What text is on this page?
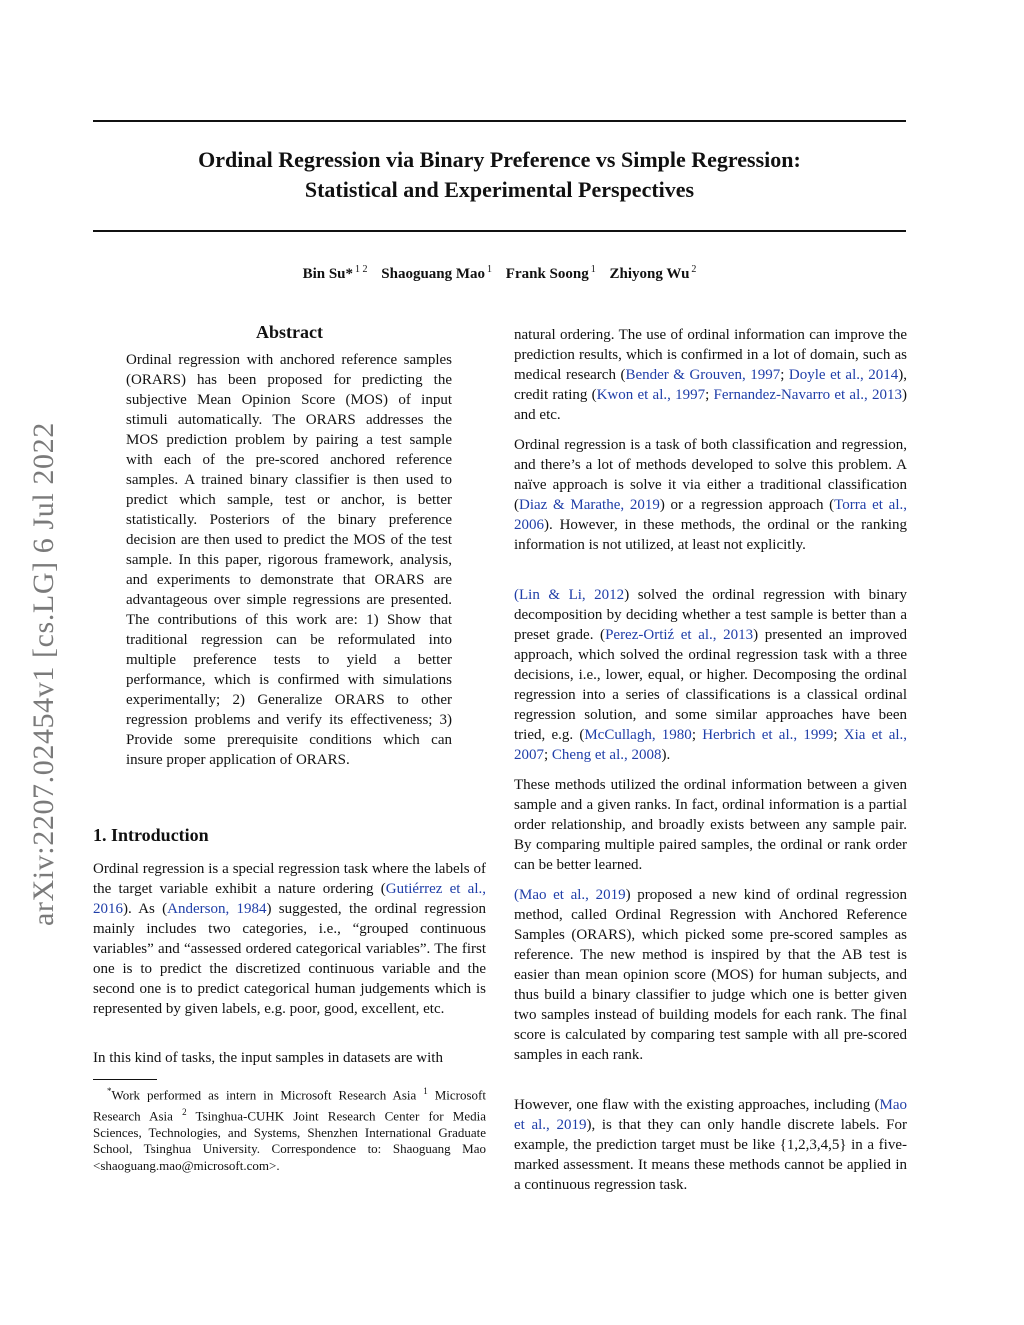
arXiv:2207.02454v1 [cs.LG] 6 Jul 2022
Ordinal Regression via Binary Preference vs Simple Regression:
Statistical and Experimental Perspectives
Bin Su* $^{1 2}$ Shaoguang Mao $^1$ Frank Soong $^1$ Zhiyong Wu $^2$
Abstract

Ordinal regression with anchored reference samples (ORARS) has been proposed for predicting the subjective Mean Opinion Score (MOS) of input stimuli automatically. The ORARS addresses the MOS prediction problem by pairing a test sample with each of the pre-scored anchored reference samples. A trained binary classifier is then used to predict which sample, test or anchor, is better statistically. Posteriors of the binary preference decision are then used to predict the MOS of the test sample. In this paper, rigorous framework, analysis, and experiments to demonstrate that ORARS are advantageous over simple regressions are presented. The contributions of this work are: 1) Show that traditional regression can be reformulated into multiple preference tests to yield a better performance, which is confirmed with simulations experimentally; 2) Generalize ORARS to other regression problems and verify its effectiveness; 3) Provide some prerequisite conditions which can insure proper application of ORARS.

1. Introduction

Ordinal regression is a special regression task where the labels of the target variable exhibit a nature ordering (Gutiérrez et al., 2016). As (Anderson, 1984) suggested, the ordinal regression mainly includes two categories, i.e., “grouped continuous variables” and “assessed ordered categorical variables”. The first one is to predict the discretized continuous variable and the second one is to predict categorical human judgements which is represented by given labels, e.g. poor, good, excellent, etc.

In this kind of tasks, the input samples in datasets are with

*Work performed as intern in Microsoft Research Asia $^1$ Microsoft Research Asia $^2$ Tsinghua-CUHK Joint Research Center for Media Sciences, Technologies, and Systems, Shenzhen International Graduate School, Tsinghua University. Correspondence to: Shaoguang Mao <shaoguang.mao@microsoft.com>.

natural ordering. The use of ordinal information can improve the prediction results, which is confirmed in a lot of domain, such as medical research (Bender & Grouven, 1997; Doyle et al., 2014), credit rating (Kwon et al., 1997; Fernandez-Navarro et al., 2013) and etc.

Ordinal regression is a task of both classification and regression, and there’s a lot of methods developed to solve this problem. A naïve approach is solve it via either a traditional classification (Diaz & Marathe, 2019) or a regression approach (Torra et al., 2006). However, in these methods, the ordinal or the ranking information is not utilized, at least not explicitly.

(Lin & Li, 2012) solved the ordinal regression with binary decomposition by deciding whether a test sample is better than a preset grade. (Perez-Ortiź et al., 2013) presented an improved approach, which solved the ordinal regression task with a three decisions, i.e., lower, equal, or higher. Decomposing the ordinal regression into a series of classifications is a classical ordinal regression solution, and some similar approaches have been tried, e.g. (McCullagh, 1980; Herbrich et al., 1999; Xia et al., 2007; Cheng et al., 2008).

These methods utilized the ordinal information between a given sample and a given ranks. In fact, ordinal information is a partial order relationship, and broadly exists between any sample pair. By comparing multiple paired samples, the ordinal or rank order can be better learned.

(Mao et al., 2019) proposed a new kind of ordinal regression method, called Ordinal Regression with Anchored Reference Samples (ORARS), which picked some pre-scored samples as reference. The new method is inspired by that the AB test is easier than mean opinion score (MOS) for human subjects, and thus build a binary classifier to judge which one is better given two samples instead of building models for each rank. The final score is calculated by comparing test sample with all pre-scored samples in each rank.

However, one flaw with the existing approaches, including (Mao et al., 2019), is that they can only handle discrete labels. For example, the prediction target must be like {1,2,3,4,5} in a five-marked assessment. It means these methods cannot be applied in a continuous regression task.
